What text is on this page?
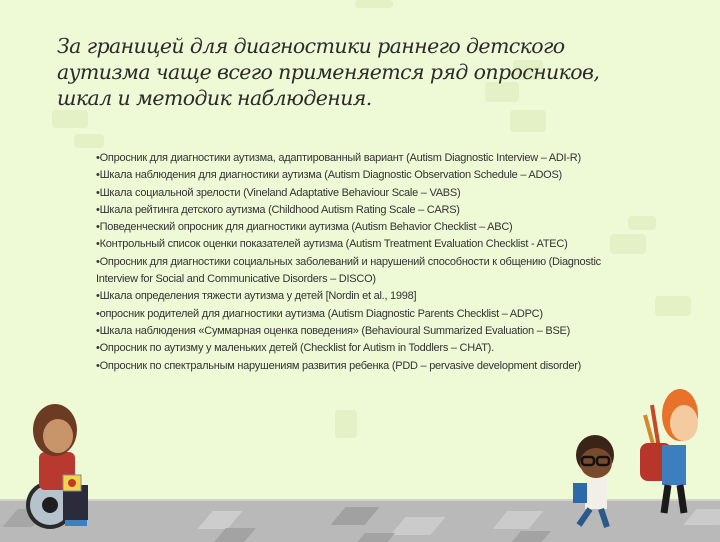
За границей для диагностики раннего детского
аутизма чаще всего применяется ряд опросников,
шкал и методик наблюдения.
•Опросник для диагностики аутизма, адаптированный вариант (Autism Diagnostic Interview – ADI-R)
•Шкала наблюдения для диагностики аутизма (Autism Diagnostic Observation Schedule – ADOS)
•Шкала социальной зрелости (Vineland Adaptative Behaviour Scale – VABS)
•Шкала рейтинга детского аутизма (Childhood Autism Rating Scale – CARS)
•Поведенческий опросник для диагностики аутизма (Autism Behavior Checklist – ABC)
•Контрольный список оценки показателей аутизма (Autism Treatment Evaluation Checklist - ATEC)
•Опросник для диагностики социальных заболеваний и нарушений способности к общению (Diagnostic Interview for Social and Communicative Disorders – DISCO)
•Шкала определения тяжести аутизма у детей [Nordin et al., 1998]
•опросник родителей для диагностики аутизма (Autism Diagnostic Parents Checklist – ADPC)
•Шкала наблюдения «Суммарная оценка поведения» (Behavioural Summarized Evaluation – BSE)
•Опросник по аутизму у маленьких детей (Checklist for Autism in Toddlers – CHAT).
•Опросник по спектральным нарушениям развития ребенка (PDD – pervasive development disorder)
